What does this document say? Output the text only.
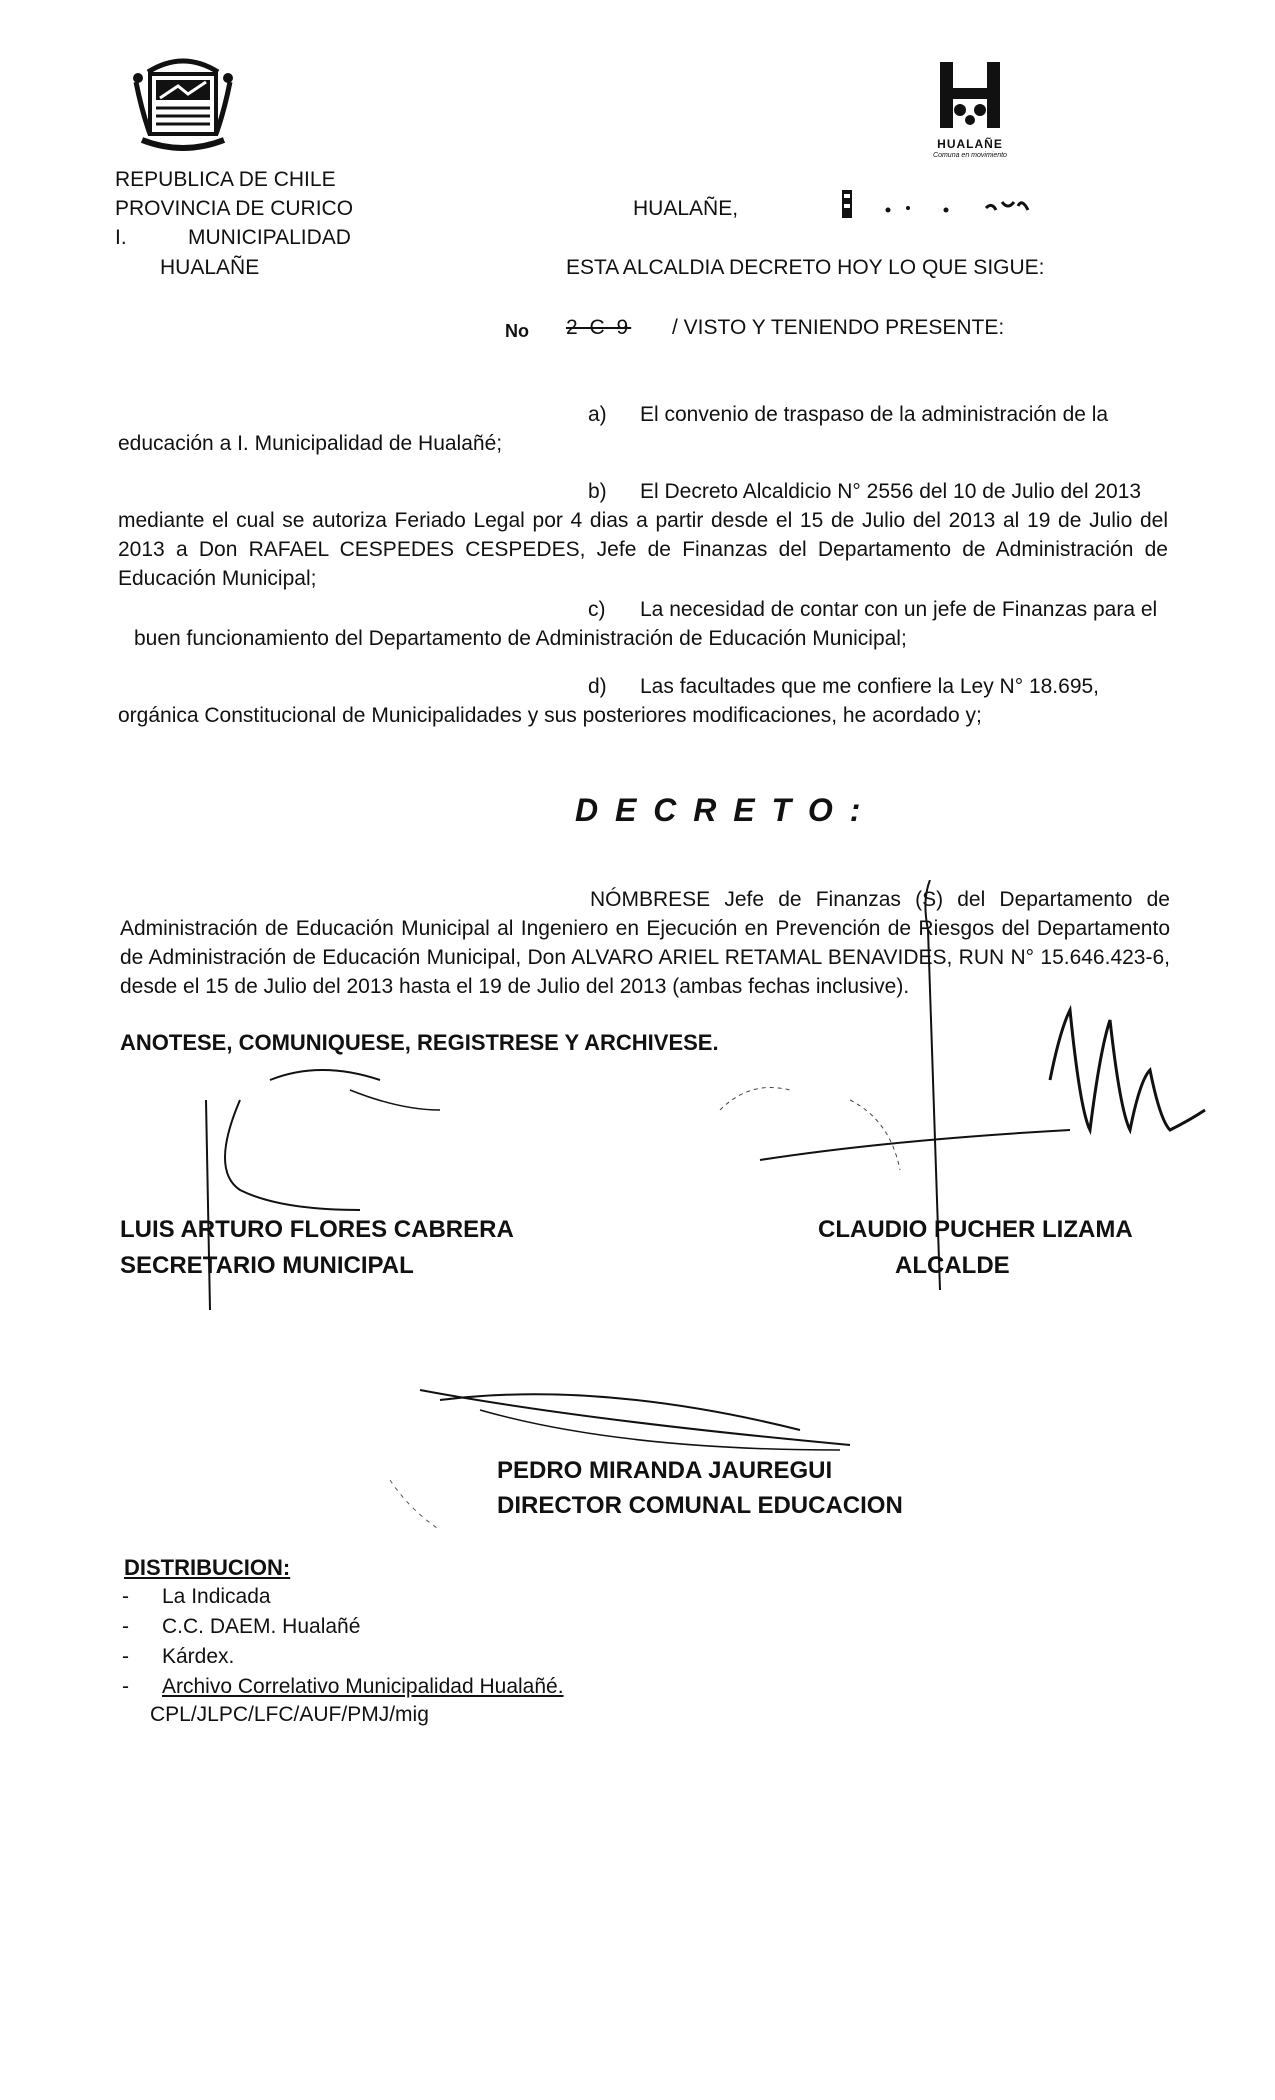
HUALAÑE
Comuna en movimiento
REPUBLICA DE CHILE
PROVINCIA DE CURICO
I.	MUNICIPALIDAD
HUALAÑE
HUALAÑE,
ESTA ALCALDIA DECRETO HOY LO QUE SIGUE:
No 2 C 9 / VISTO Y TENIENDO PRESENTE:
a) El convenio de traspaso de la administración de la
educación a I. Municipalidad de Hualañé;
b) El Decreto Alcaldicio N° 2556 del 10 de Julio del 2013
mediante el cual se autoriza Feriado Legal por 4 dias a partir desde el 15 de Julio del 2013 al 19 de Julio del 2013 a Don RAFAEL CESPEDES CESPEDES, Jefe de Finanzas del Departamento de Administración de Educación Municipal;
c) La necesidad de contar con un jefe de Finanzas para el
buen funcionamiento del Departamento de Administración de Educación Municipal;
d) Las facultades que me confiere la Ley N° 18.695,
orgánica Constitucional de Municipalidades y sus posteriores modificaciones, he acordado y;
D E C R E T O :
NÓMBRESE Jefe de Finanzas (S) del Departamento de
Administración de Educación Municipal al Ingeniero en Ejecución en Prevención de Riesgos del Departamento de Administración de Educación Municipal, Don ALVARO ARIEL RETAMAL BENAVIDES, RUN N° 15.646.423-6, desde el 15 de Julio del 2013 hasta el 19 de Julio del 2013 (ambas fechas inclusive).
ANOTESE, COMUNIQUESE, REGISTRESE Y ARCHIVESE.
LUIS ARTURO FLORES CABRERA
SECRETARIO MUNICIPAL
CLAUDIO PUCHER LIZAMA
ALCALDE
PEDRO MIRANDA JAUREGUI
DIRECTOR COMUNAL EDUCACION
DISTRIBUCION:
- La Indicada
- C.C. DAEM. Hualañé
- Kárdex.
- Archivo Correlativo Municipalidad Hualañé.
CPL/JLPC/LFC/AUF/PMJ/mig
